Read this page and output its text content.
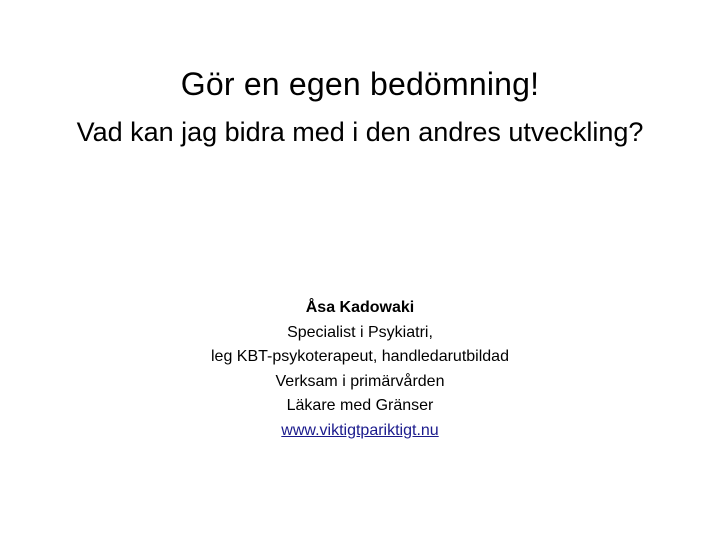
Gör en egen bedömning!
Vad kan jag bidra med i den andres utveckling?
Åsa Kadowaki
Specialist i Psykiatri,
leg KBT-psykoterapeut, handledarutbildad
Verksam i primärvården
Läkare med Gränser
www.viktigtpariktigt.nu
